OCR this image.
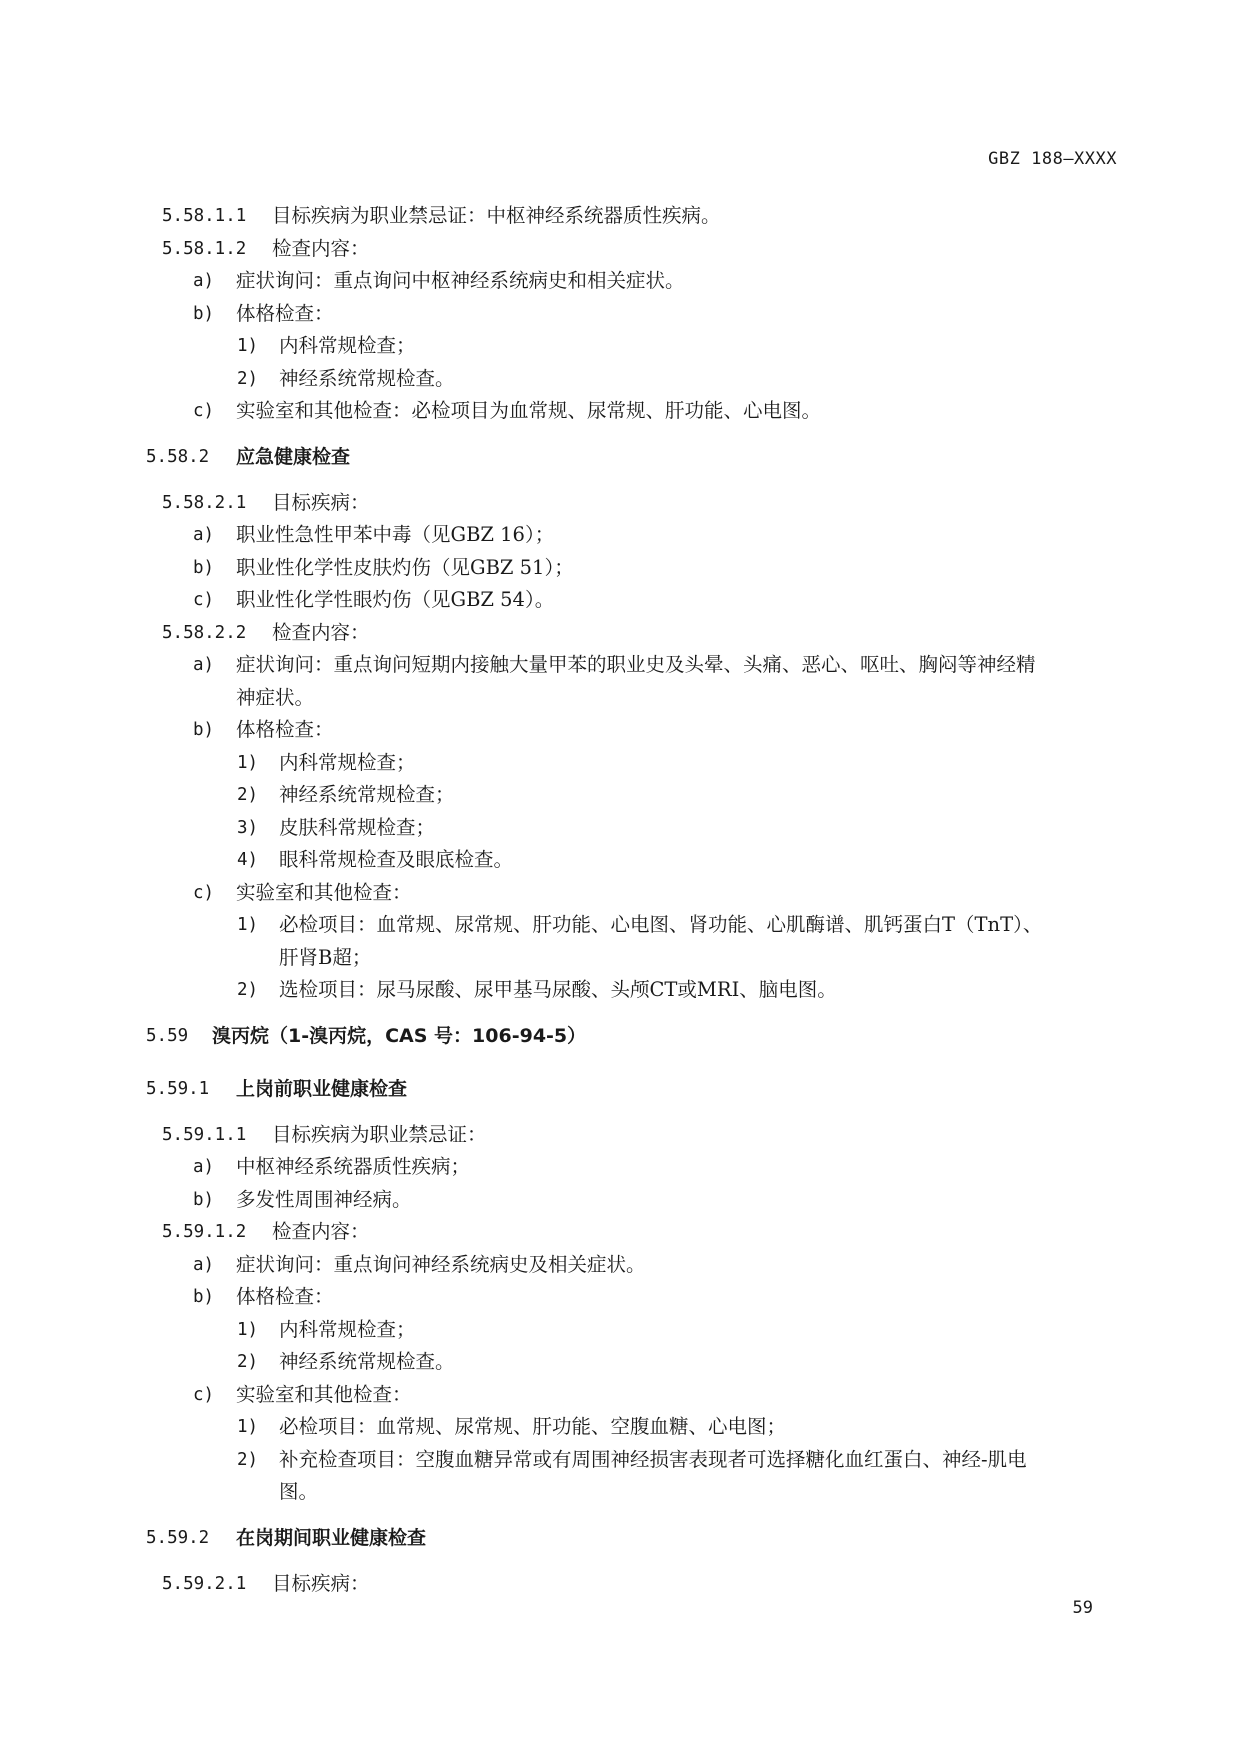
GBZ 188—XXXX
5.58.1.1 目标疾病为职业禁忌证：中枢神经系统器质性疾病。
5.58.1.2 检查内容：
a) 症状询问：重点询问中枢神经系统病史和相关症状。
b) 体格检查：
1) 内科常规检查；
2) 神经系统常规检查。
c) 实验室和其他检查：必检项目为血常规、尿常规、肝功能、心电图。
5.58.2 应急健康检查
5.58.2.1 目标疾病：
a) 职业性急性甲苯中毒（见GBZ 16）；
b) 职业性化学性皮肤灼伤（见GBZ 51）；
c) 职业性化学性眼灼伤（见GBZ 54）。
5.58.2.2 检查内容：
a) 症状询问：重点询问短期内接触大量甲苯的职业史及头晕、头痛、恶心、呕吐、胸闷等神经精
神症状。
b) 体格检查：
1) 内科常规检查；
2) 神经系统常规检查；
3) 皮肤科常规检查；
4) 眼科常规检查及眼底检查。
c) 实验室和其他检查：
1) 必检项目：血常规、尿常规、肝功能、心电图、肾功能、心肌酶谱、肌钙蛋白T（TnT）、
肝肾B超；
2) 选检项目：尿马尿酸、尿甲基马尿酸、头颅CT或MRI、脑电图。
5.59 溴丙烷（1-溴丙烷，CAS 号：106-94-5）
5.59.1 上岗前职业健康检查
5.59.1.1 目标疾病为职业禁忌证：
a) 中枢神经系统器质性疾病；
b) 多发性周围神经病。
5.59.1.2 检查内容：
a) 症状询问：重点询问神经系统病史及相关症状。
b) 体格检查：
1) 内科常规检查；
2) 神经系统常规检查。
c) 实验室和其他检查：
1) 必检项目：血常规、尿常规、肝功能、空腹血糖、心电图；
2) 补充检查项目：空腹血糖异常或有周围神经损害表现者可选择糖化血红蛋白、神经-肌电
图。
5.59.2 在岗期间职业健康检查
5.59.2.1 目标疾病：
59
